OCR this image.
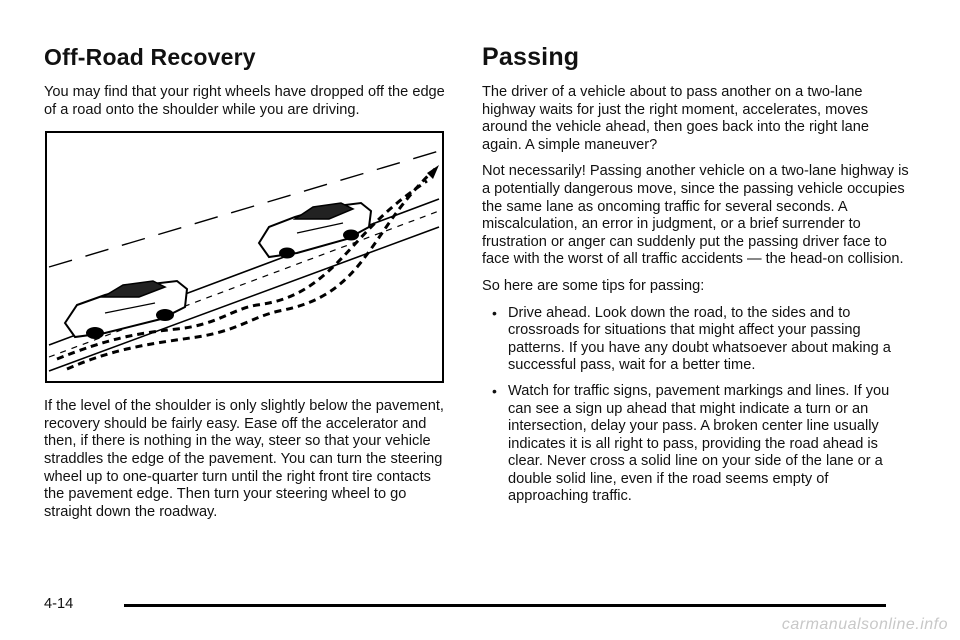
Off-Road Recovery

You may find that your right wheels have dropped off the edge of a road onto the shoulder while you are driving.

If the level of the shoulder is only slightly below the pavement, recovery should be fairly easy. Ease off the accelerator and then, if there is nothing in the way, steer so that your vehicle straddles the edge of the pavement. You can turn the steering wheel up to one-quarter turn until the right front tire contacts the pavement edge. Then turn your steering wheel to go straight down the roadway.

Passing

The driver of a vehicle about to pass another on a two-lane highway waits for just the right moment, accelerates, moves around the vehicle ahead, then goes back into the right lane again. A simple maneuver?

Not necessarily! Passing another vehicle on a two-lane highway is a potentially dangerous move, since the passing vehicle occupies the same lane as oncoming traffic for several seconds. A miscalculation, an error in judgment, or a brief surrender to frustration or anger can suddenly put the passing driver face to face with the worst of all traffic accidents — the head-on collision.

So here are some tips for passing:

• Drive ahead. Look down the road, to the sides and to crossroads for situations that might affect your passing patterns. If you have any doubt whatsoever about making a successful pass, wait for a better time.
• Watch for traffic signs, pavement markings and lines. If you can see a sign up ahead that might indicate a turn or an intersection, delay your pass. A broken center line usually indicates it is all right to pass, providing the road ahead is clear. Never cross a solid line on your side of the lane or a double solid line, even if the road seems empty of approaching traffic.
4-14
carmanualsonline.info
